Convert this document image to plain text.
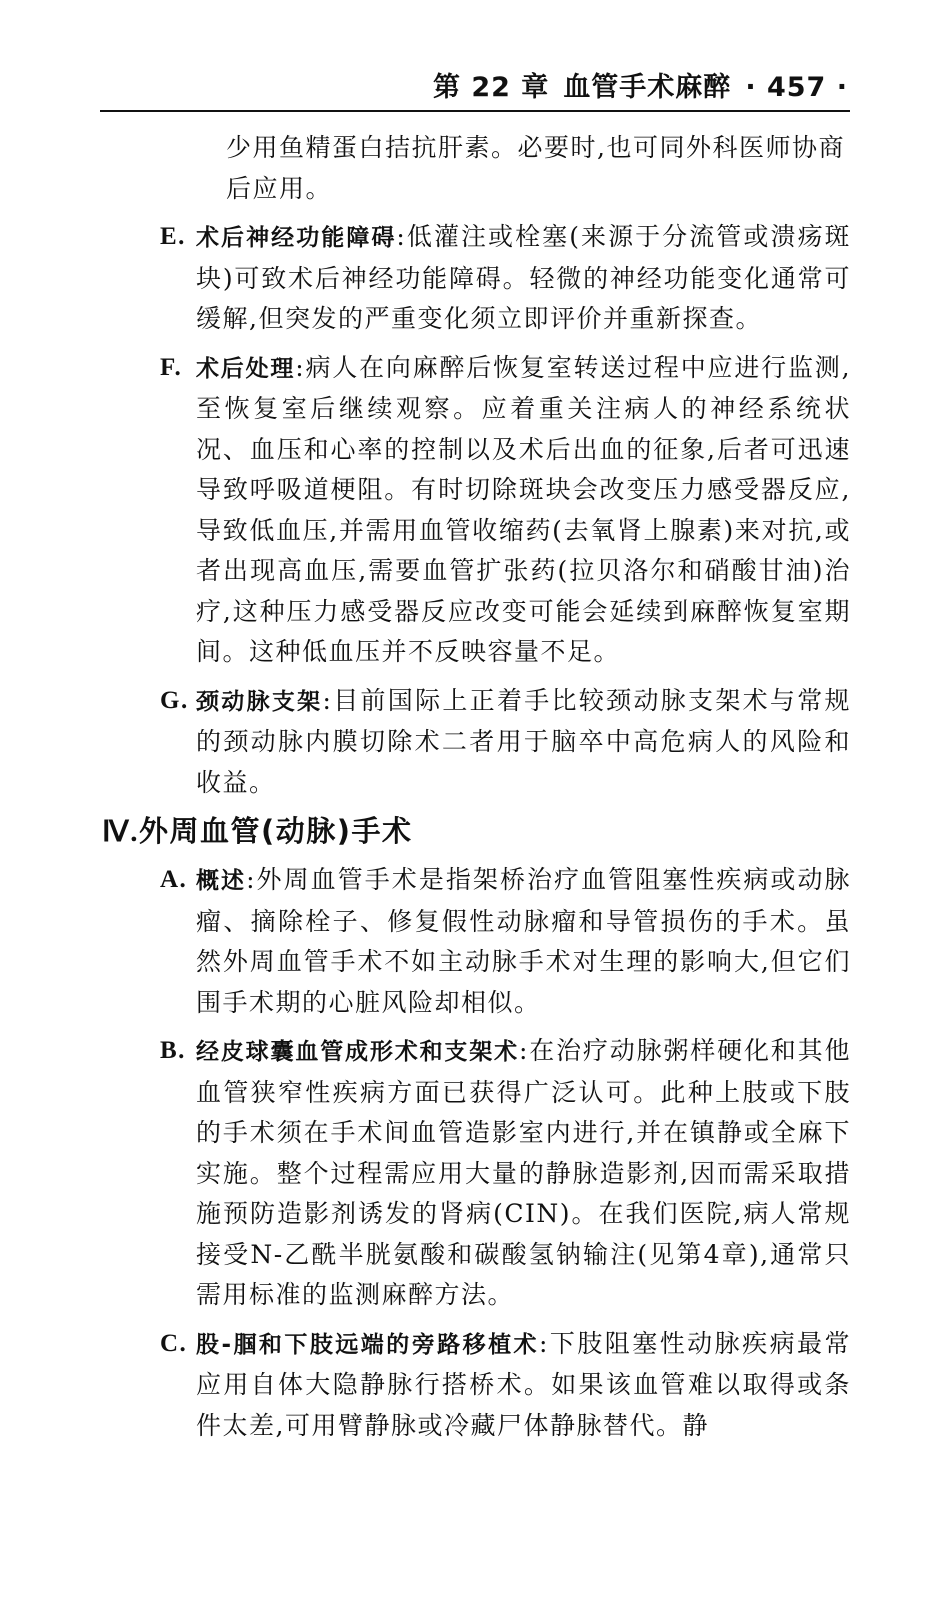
第 22 章 血管手术麻醉 · 457 ·
少用鱼精蛋白拮抗肝素。必要时,也可同外科医师协商后应用。
E. 术后神经功能障碍:低灌注或栓塞(来源于分流管或溃疡斑块)可致术后神经功能障碍。轻微的神经功能变化通常可缓解,但突发的严重变化须立即评价并重新探查。
F. 术后处理:病人在向麻醉后恢复室转送过程中应进行监测,至恢复室后继续观察。应着重关注病人的神经系统状况、血压和心率的控制以及术后出血的征象,后者可迅速导致呼吸道梗阻。有时切除斑块会改变压力感受器反应,导致低血压,并需用血管收缩药(去氧肾上腺素)来对抗,或者出现高血压,需要血管扩张药(拉贝洛尔和硝酸甘油)治疗,这种压力感受器反应改变可能会延续到麻醉恢复室期间。这种低血压并不反映容量不足。
G. 颈动脉支架:目前国际上正着手比较颈动脉支架术与常规的颈动脉内膜切除术二者用于脑卒中高危病人的风险和收益。
Ⅳ.外周血管(动脉)手术
A. 概述:外周血管手术是指架桥治疗血管阻塞性疾病或动脉瘤、摘除栓子、修复假性动脉瘤和导管损伤的手术。虽然外周血管手术不如主动脉手术对生理的影响大,但它们围手术期的心脏风险却相似。
B. 经皮球囊血管成形术和支架术:在治疗动脉粥样硬化和其他血管狭窄性疾病方面已获得广泛认可。此种上肢或下肢的手术须在手术间血管造影室内进行,并在镇静或全麻下实施。整个过程需应用大量的静脉造影剂,因而需采取措施预防造影剂诱发的肾病(CIN)。在我们医院,病人常规接受N-乙酰半胱氨酸和碳酸氢钠输注(见第4章),通常只需用标准的监测麻醉方法。
C. 股-腘和下肢远端的旁路移植术:下肢阻塞性动脉疾病最常应用自体大隐静脉行搭桥术。如果该血管难以取得或条件太差,可用臂静脉或冷藏尸体静脉替代。静
